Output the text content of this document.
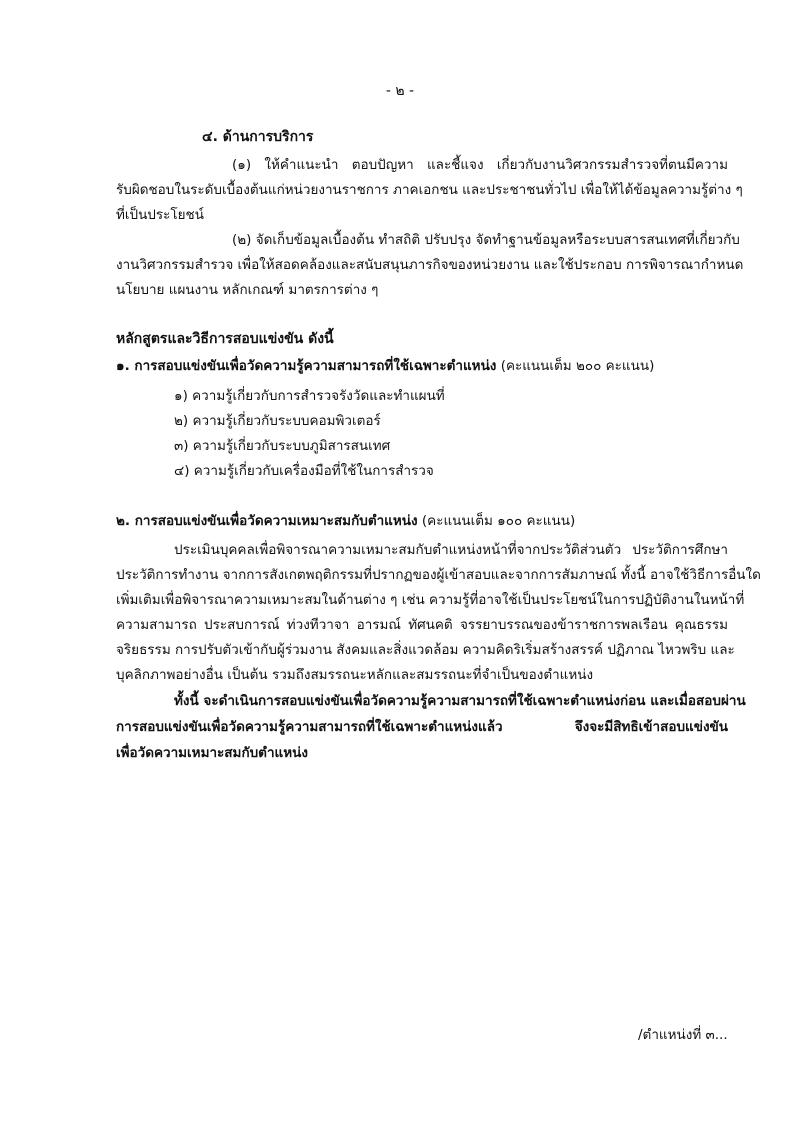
- ๒ -
๔. ด้านการบริการ
(๑) ให้คำแนะนำ ตอบปัญหา และชี้แจง เกี่ยวกับงานวิศวกรรมสำรวจที่ตนมีความ
รับผิดชอบในระดับเบื้องต้นแก่หน่วยงานราชการ ภาคเอกชน และประชาชนทั่วไป เพื่อให้ได้ข้อมูลความรู้ต่าง ๆ
ที่เป็นประโยชน์
(๒) จัดเก็บข้อมูลเบื้องต้น ทำสถิติ ปรับปรุง จัดทำฐานข้อมูลหรือระบบสารสนเทศที่เกี่ยวกับ
งานวิศวกรรมสำรวจ เพื่อให้สอดคล้องและสนับสนุนภารกิจของหน่วยงาน และใช้ประกอบ การพิจารณากำหนด
นโยบาย แผนงาน หลักเกณฑ์ มาตรการต่าง ๆ
หลักสูตรและวิธีการสอบแข่งขัน ดังนี้
๑. การสอบแข่งขันเพื่อวัดความรู้ความสามารถที่ใช้เฉพาะตำแหน่ง (คะแนนเต็ม ๒๐๐ คะแนน)
๑) ความรู้เกี่ยวกับการสำรวจรังวัดและทำแผนที่
๒) ความรู้เกี่ยวกับระบบคอมพิวเตอร์
๓) ความรู้เกี่ยวกับระบบภูมิสารสนเทศ
๔) ความรู้เกี่ยวกับเครื่องมือที่ใช้ในการสำรวจ
๒. การสอบแข่งขันเพื่อวัดความเหมาะสมกับตำแหน่ง (คะแนนเต็ม ๑๐๐ คะแนน)
ประเมินบุคคลเพื่อพิจารณาความเหมาะสมกับตำแหน่งหน้าที่จากประวัติส่วนตัว ประวัติการศึกษา
ประวัติการทำงาน จากการสังเกตพฤติกรรมที่ปรากฏของผู้เข้าสอบและจากการสัมภาษณ์ ทั้งนี้ อาจใช้วิธีการอื่นใด
เพิ่มเติมเพื่อพิจารณาความเหมาะสมในด้านต่าง ๆ เช่น ความรู้ที่อาจใช้เป็นประโยชน์ในการปฏิบัติงานในหน้าที่
ความสามารถ ประสบการณ์ ท่วงทีวาจา อารมณ์ ทัศนคติ จรรยาบรรณของข้าราชการพลเรือน คุณธรรม
จริยธรรม การปรับตัวเข้ากับผู้ร่วมงาน สังคมและสิ่งแวดล้อม ความคิดริเริ่มสร้างสรรค์ ปฏิภาณ ไหวพริบ และ
บุคลิกภาพอย่างอื่น เป็นต้น รวมถึงสมรรถนะหลักและสมรรถนะที่จำเป็นของตำแหน่ง
ทั้งนี้ จะดำเนินการสอบแข่งขันเพื่อวัดความรู้ความสามารถที่ใช้เฉพาะตำแหน่งก่อน และเมื่อสอบผ่าน
การสอบแข่งขันเพื่อวัดความรู้ความสามารถที่ใช้เฉพาะตำแหน่งแล้ว จึงจะมีสิทธิเข้าสอบแข่งขัน
เพื่อวัดความเหมาะสมกับตำแหน่ง
/ตำแหน่งที่ ๓...
